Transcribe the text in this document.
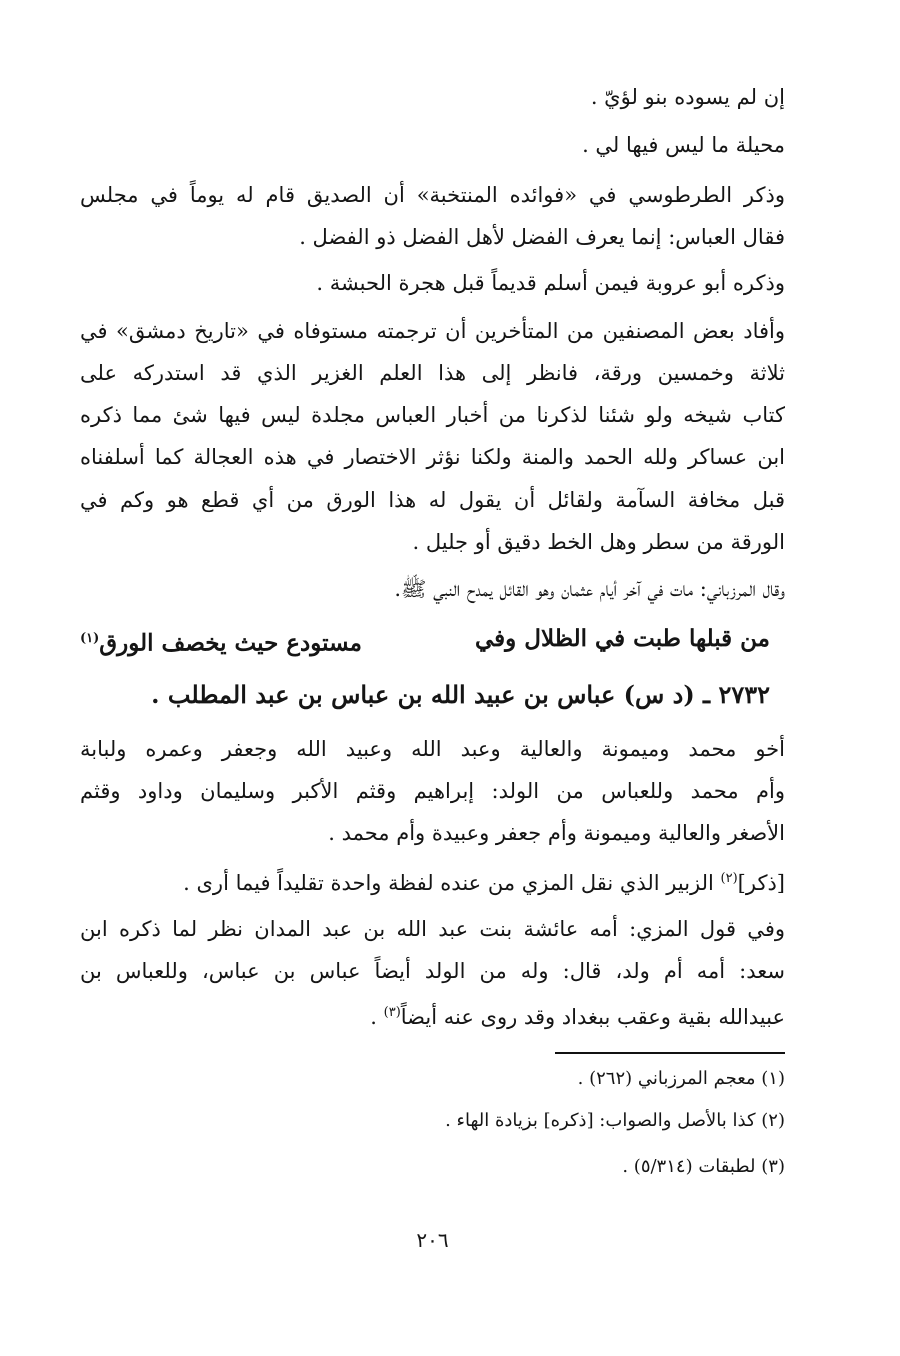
إن لم يسوده بنو لؤيّ .
محيلة ما ليس فيها لي .
وذكر الطرطوسي في «فوائده المنتخبة» أن الصديق قام له يوماً في مجلس
فقال العباس: إنما يعرف الفضل لأهل الفضل ذو الفضل .
وذكره أبو عروبة فيمن أسلم قديماً قبل هجرة الحبشة .
وأفاد بعض المصنفين من المتأخرين أن ترجمته مستوفاه في «تاريخ دمشق» في
ثلاثة وخمسين ورقة، فانظر إلى هذا العلم الغزير الذي قد استدركه على
كتاب شيخه ولو شئنا لذكرنا من أخبار العباس مجلدة ليس فيها شئ مما ذكره
ابن عساكر ولله الحمد والمنة ولكنا نؤثر الاختصار في هذه العجالة كما أسلفناه
قبل مخافة السآمة ولقائل أن يقول له هذا الورق من أي قطع هو وكم في
الورقة من سطر وهل الخط دقيق أو جليل .
وقال المرزباني: مات في آخر أيام عثمان وهو القائل يمدح النبي ﷺ.
من قبلها طبت في الظلال وفي
مستودع حيث يخصف الورق$^{(١)}$
٢٧٣٢ ـ (د س) عباس بن عبيد الله بن عباس بن عبد المطلب .
أخو محمد وميمونة والعالية وعبد الله وعبيد الله وجعفر وعمره ولبابة
وأم محمد وللعباس من الولد: إبراهيم وقثم الأكبر وسليمان وداود وقثم
الأصغر والعالية وميمونة وأم جعفر وعبيدة وأم محمد .
[ذكر]$^{(٢)}$ الزبير الذي نقل المزي من عنده لفظة واحدة تقليداً فيما أرى .
وفي قول المزي: أمه عائشة بنت عبد الله بن عبد المدان نظر لما ذكره ابن
سعد: أمه أم ولد، قال: وله من الولد أيضاً عباس بن عباس، وللعباس بن
عبيدالله بقية وعقب ببغداد وقد روى عنه أيضاً$^{(٣)}$ .
(١) معجم المرزباني (٢٦٢) .
(٢) كذا بالأصل والصواب: [ذكره] بزيادة الهاء .
(٣) لطبقات (٥/٣١٤) .
٢٠٦
